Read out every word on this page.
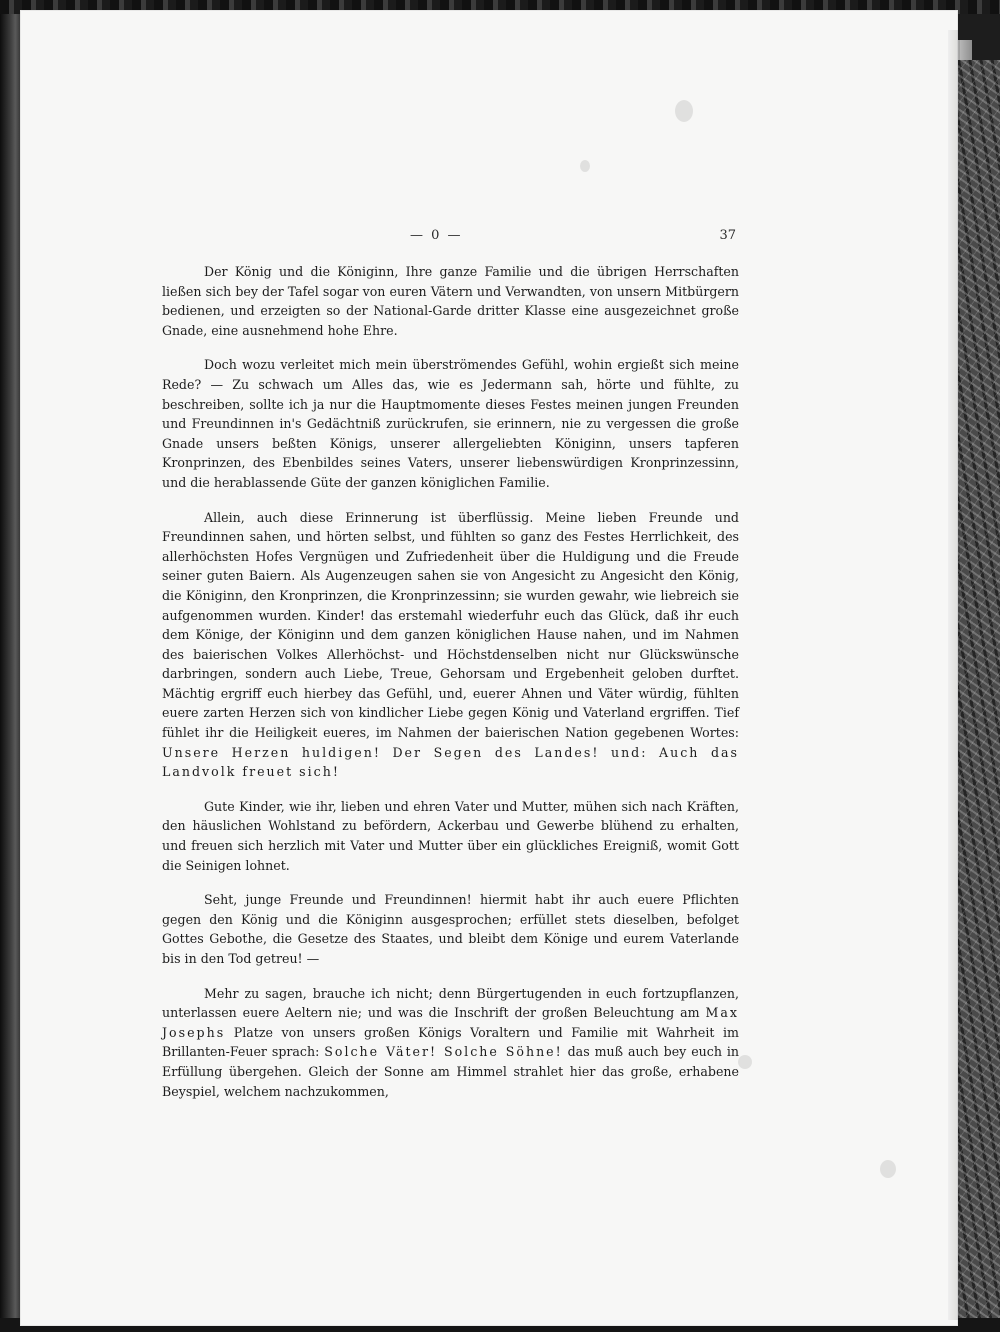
— 0 —	37

Der König und die Königinn, Ihre ganze Familie und die übrigen Herrschaften ließen sich bey der Tafel sogar von euren Vätern und Verwandten, von unsern Mitbürgern bedienen, und erzeigten so der National-Garde dritter Klasse eine ausgezeichnet große Gnade, eine ausnehmend hohe Ehre.

Doch wozu verleitet mich mein überströmendes Gefühl, wohin ergießt sich meine Rede? — Zu schwach um Alles das, wie es Jedermann sah, hörte und fühlte, zu beschreiben, sollte ich ja nur die Hauptmomente dieses Festes meinen jungen Freunden und Freundinnen in's Gedächtniß zurückrufen, sie erinnern, nie zu vergessen die große Gnade unsers beßten Königs, unserer allergeliebten Königinn, unsers tapferen Kronprinzen, des Ebenbildes seines Vaters, unserer liebenswürdigen Kronprinzessinn, und die herablassende Güte der ganzen königlichen Familie.

Allein, auch diese Erinnerung ist überflüssig. Meine lieben Freunde und Freundinnen sahen, und hörten selbst, und fühlten so ganz des Festes Herrlichkeit, des allerhöchsten Hofes Vergnügen und Zufriedenheit über die Huldigung und die Freude seiner guten Baiern. Als Augenzeugen sahen sie von Angesicht zu Angesicht den König, die Königinn, den Kronprinzen, die Kronprinzessinn; sie wurden gewahr, wie liebreich sie aufgenommen wurden. Kinder! das erstemahl wiederfuhr euch das Glück, daß ihr euch dem Könige, der Königinn und dem ganzen königlichen Hause nahen, und im Nahmen des baierischen Volkes Allerhöchst- und Höchstdenselben nicht nur Glückswünsche darbringen, sondern auch Liebe, Treue, Gehorsam und Ergebenheit geloben durftet. Mächtig ergriff euch hierbey das Gefühl, und, euerer Ahnen und Väter würdig, fühlten euere zarten Herzen sich von kindlicher Liebe gegen König und Vaterland ergriffen. Tief fühlet ihr die Heiligkeit eueres, im Nahmen der baierischen Nation gegebenen Wortes: Unsere Herzen huldigen! Der Segen des Landes! und: Auch das Landvolk freuet sich!

Gute Kinder, wie ihr, lieben und ehren Vater und Mutter, mühen sich nach Kräften, den häuslichen Wohlstand zu befördern, Ackerbau und Gewerbe blühend zu erhalten, und freuen sich herzlich mit Vater und Mutter über ein glückliches Ereigniß, womit Gott die Seinigen lohnet.

Seht, junge Freunde und Freundinnen! hiermit habt ihr auch euere Pflichten gegen den König und die Königinn ausgesprochen; erfüllet stets dieselben, befolget Gottes Gebothe, die Gesetze des Staates, und bleibt dem Könige und eurem Vaterlande bis in den Tod getreu! —

Mehr zu sagen, brauche ich nicht; denn Bürgertugenden in euch fortzupflanzen, unterlassen euere Aeltern nie; und was die Inschrift der großen Beleuchtung am Max Josephs Platze von unsers großen Königs Voraltern und Familie mit Wahrheit im Brillanten-Feuer sprach: Solche Väter! Solche Söhne! das muß auch bey euch in Erfüllung übergehen. Gleich der Sonne am Himmel strahlet hier das große, erhabene Beyspiel, welchem nachzukommen,
